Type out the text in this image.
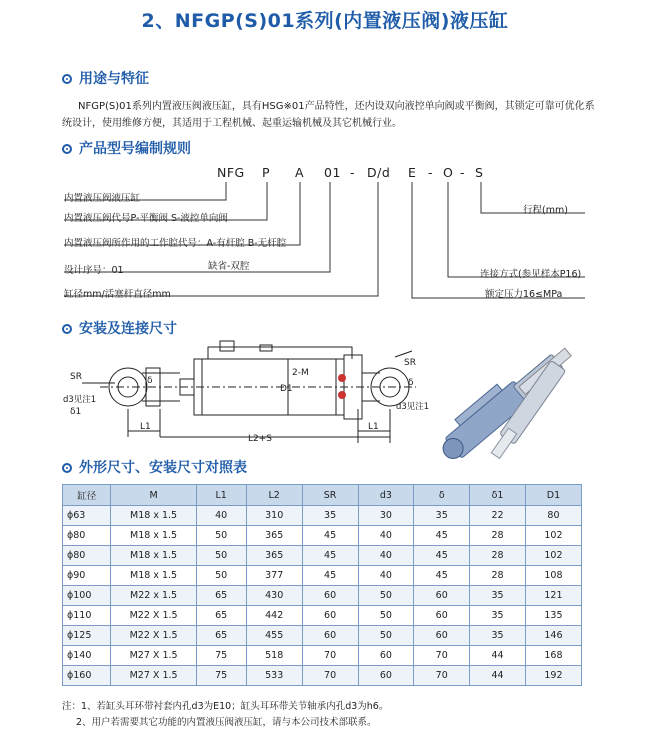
2、NFGP(S)01系列(内置液压阀)液压缸
用途与特征
NFGP(S)01系列内置液压阀液压缸，具有HSG※01产品特性，还内设双向液控单向阀或平衡阀，其锁定可靠可优化系统设计，使用维修方便，其适用于工程机械、起重运输机械及其它机械行业。
产品型号编制规则
NFG P A 01 - D/d E - O - S
内置液压阀液压缸
内置液压阀代号P-平衡阀 S-液控单向阀
内置液压阀所作用的工作腔代号：A-有杆腔 B-无杆腔
缺省-双腔
设计序号：01
缸径mm/活塞杆直径mm
行程(mm)
连接方式(参见样本P16)
额定压力16≤MPa
安装及连接尺寸
SR	δ
d3见注1
δ1
2-M
D1
SR
δ
d3见注1
L1
L2+S
L1
外形尺寸、安装尺寸对照表
缸径	M	L1	L2	SR	d3	δ	δ1	D1
ϕ63	M18 x 1.5	40	310	35	30	35	22	80
ϕ80	M18 x 1.5	50	365	45	40	45	28	102
ϕ80	M18 x 1.5	50	365	45	40	45	28	102
ϕ90	M18 x 1.5	50	377	45	40	45	28	108
ϕ100	M22 x 1.5	65	430	60	50	60	35	121
ϕ110	M22 X 1.5	65	442	60	50	60	35	135
ϕ125	M22 X 1.5	65	455	60	50	60	35	146
ϕ140	M27 X 1.5	75	518	70	60	70	44	168
ϕ160	M27 X 1.5	75	533	70	60	70	44	192
注：1、若缸头耳环带衬套内孔d3为E10；缸头耳环带关节轴承内孔d3为h6。
2、用户若需要其它功能的内置液压阀液压缸，请与本公司技术部联系。
